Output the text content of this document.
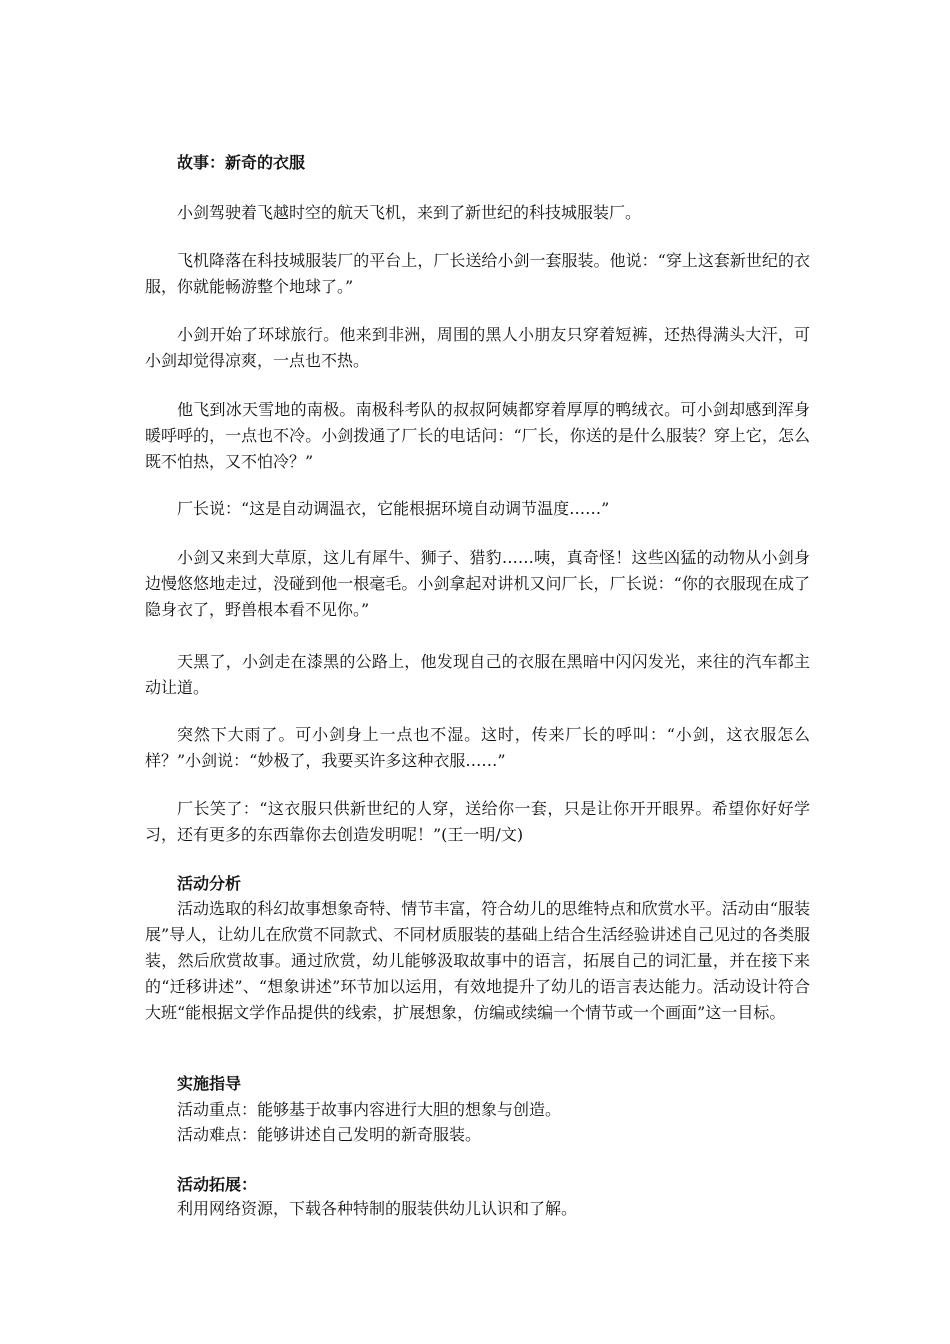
故事：新奇的衣服

小剑驾驶着飞越时空的航天飞机，来到了新世纪的科技城服装厂。

飞机降落在科技城服装厂的平台上，厂长送给小剑一套服装。他说：“穿上这套新世纪的衣服，你就能畅游整个地球了。”

小剑开始了环球旅行。他来到非洲，周围的黑人小朋友只穿着短裤，还热得满头大汗，可小剑却觉得凉爽，一点也不热。

他飞到冰天雪地的南极。南极科考队的叔叔阿姨都穿着厚厚的鸭绒衣。可小剑却感到浑身暖呼呼的，一点也不冷。小剑拨通了厂长的电话问：“厂长，你送的是什么服装？穿上它，怎么既不怕热，又不怕冷？”

厂长说：“这是自动调温衣，它能根据环境自动调节温度……”

小剑又来到大草原，这儿有犀牛、狮子、猎豹……咦，真奇怪！这些凶猛的动物从小剑身边慢悠悠地走过，没碰到他一根毫毛。小剑拿起对讲机又问厂长，厂长说：“你的衣服现在成了隐身衣了，野兽根本看不见你。”

天黑了，小剑走在漆黑的公路上，他发现自己的衣服在黑暗中闪闪发光，来往的汽车都主动让道。

突然下大雨了。可小剑身上一点也不湿。这时，传来厂长的呼叫：“小剑，这衣服怎么样？”小剑说：“妙极了，我要买许多这种衣服……”

厂长笑了：“这衣服只供新世纪的人穿，送给你一套，只是让你开开眼界。希望你好好学习，还有更多的东西靠你去创造发明呢！”(王一明/文)

活动分析

活动选取的科幻故事想象奇特、情节丰富，符合幼儿的思维特点和欣赏水平。活动由“服装展”导人，让幼儿在欣赏不同款式、不同材质服装的基础上结合生活经验讲述自己见过的各类服装，然后欣赏故事。通过欣赏，幼儿能够汲取故事中的语言，拓展自己的词汇量，并在接下来的“迁移讲述”、“想象讲述”环节加以运用，有效地提升了幼儿的语言表达能力。活动设计符合大班“能根据文学作品提供的线索，扩展想象，仿编或续编一个情节或一个画面”这一目标。

实施指导

活动重点：能够基于故事内容进行大胆的想象与创造。

活动难点：能够讲述自己发明的新奇服装。

活动拓展：

利用网络资源，下载各种特制的服装供幼儿认识和了解。
